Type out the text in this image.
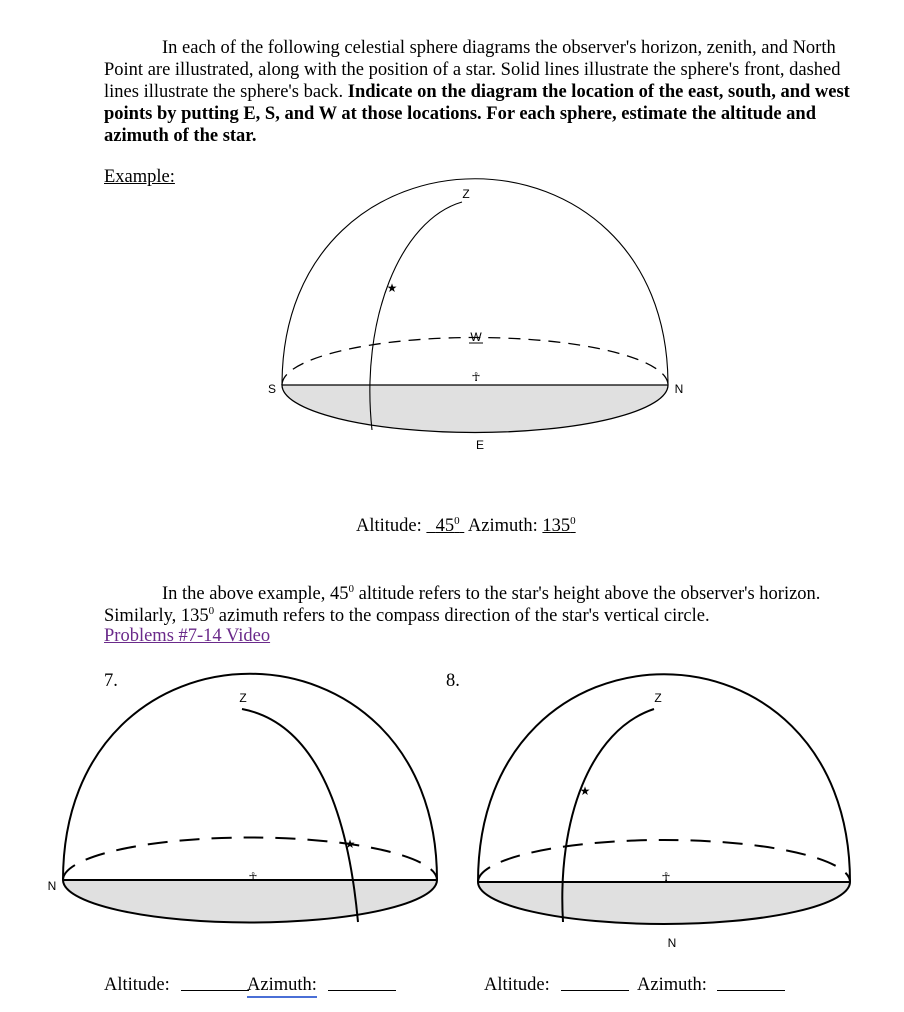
In each of the following celestial sphere diagrams the observer's horizon, zenith, and North Point are illustrated, along with the position of a star. Solid lines illustrate the sphere's front, dashed lines illustrate the sphere's back. Indicate on the diagram the location of the east, south, and west points by putting E, S, and W at those locations. For each sphere, estimate the altitude and azimuth of the star.

Example:
Altitude: $45^0$ Azimuth: $135^0$

In the above example, $45^0$ altitude refers to the star's height above the observer's horizon. Similarly, $135^0$ azimuth refers to the compass direction of the star's vertical circle.

Problems #7-14 Video
7.	8.
Altitude:	Azimuth:	Altitude:	Azimuth:
★
☥
Z
W
S	N
E
★
☥
Z
N
★
☥
Z
N
